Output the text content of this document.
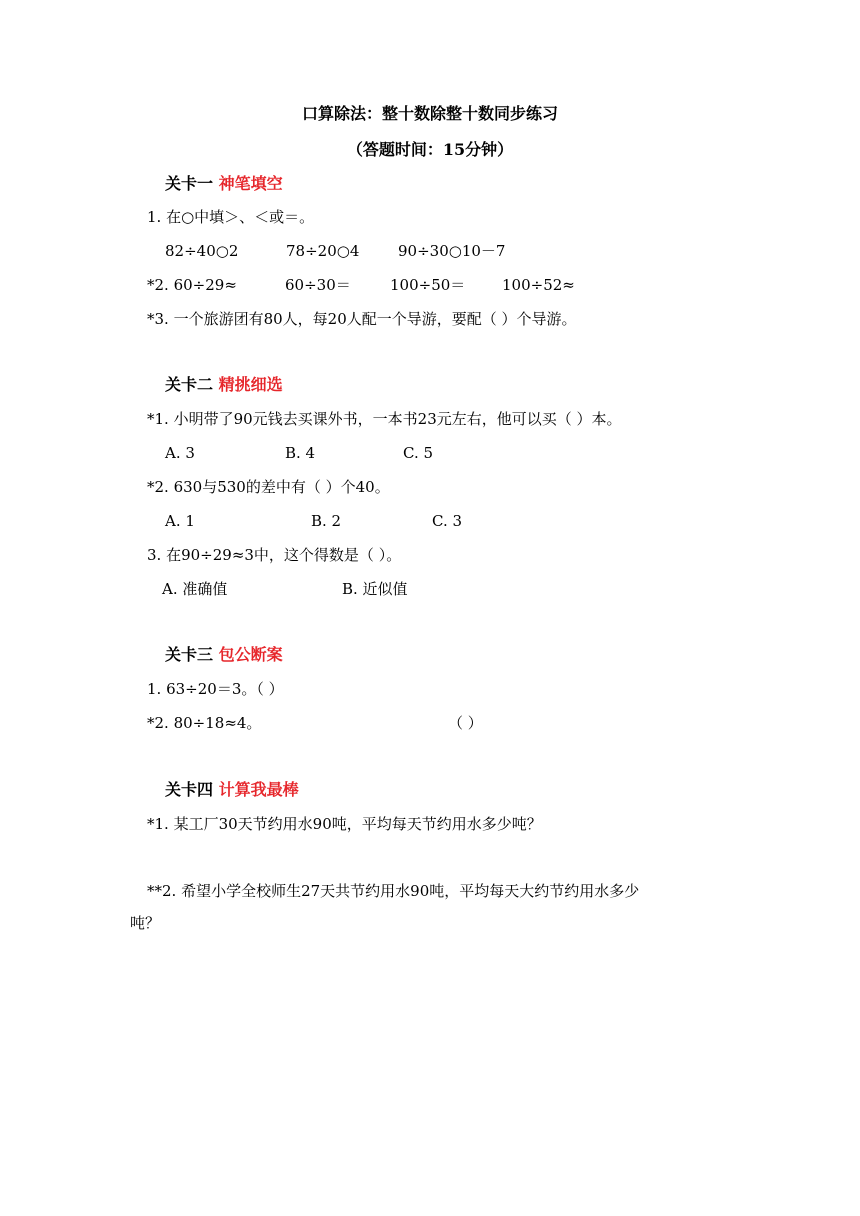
口算除法：整十数除整十数同步练习
（答题时间：15分钟）
关卡一 神笔填空
1. 在○中填＞、＜或＝。
82÷40○2	78÷20○4	90÷30○10－7
*2. 60÷29≈	60÷30＝	100÷50＝ 100÷52≈
*3. 一个旅游团有80人，每20人配一个导游，要配（ ）个导游。
关卡二 精挑细选
*1. 小明带了90元钱去买课外书，一本书23元左右，他可以买（ ）本。
A. 3	B. 4	C. 5
*2. 630与530的差中有（ ）个40。
A. 1	B. 2	C. 3
3. 在90÷29≈3中，这个得数是（ ）。
A. 准确值	B. 近似值
关卡三 包公断案
1. 63÷20＝3。（ ）
*2. 80÷18≈4。	（ ）
关卡四 计算我最棒
*1. 某工厂30天节约用水90吨，平均每天节约用水多少吨？
**2. 希望小学全校师生27天共节约用水90吨，平均每天大约节约用水多少
吨？
